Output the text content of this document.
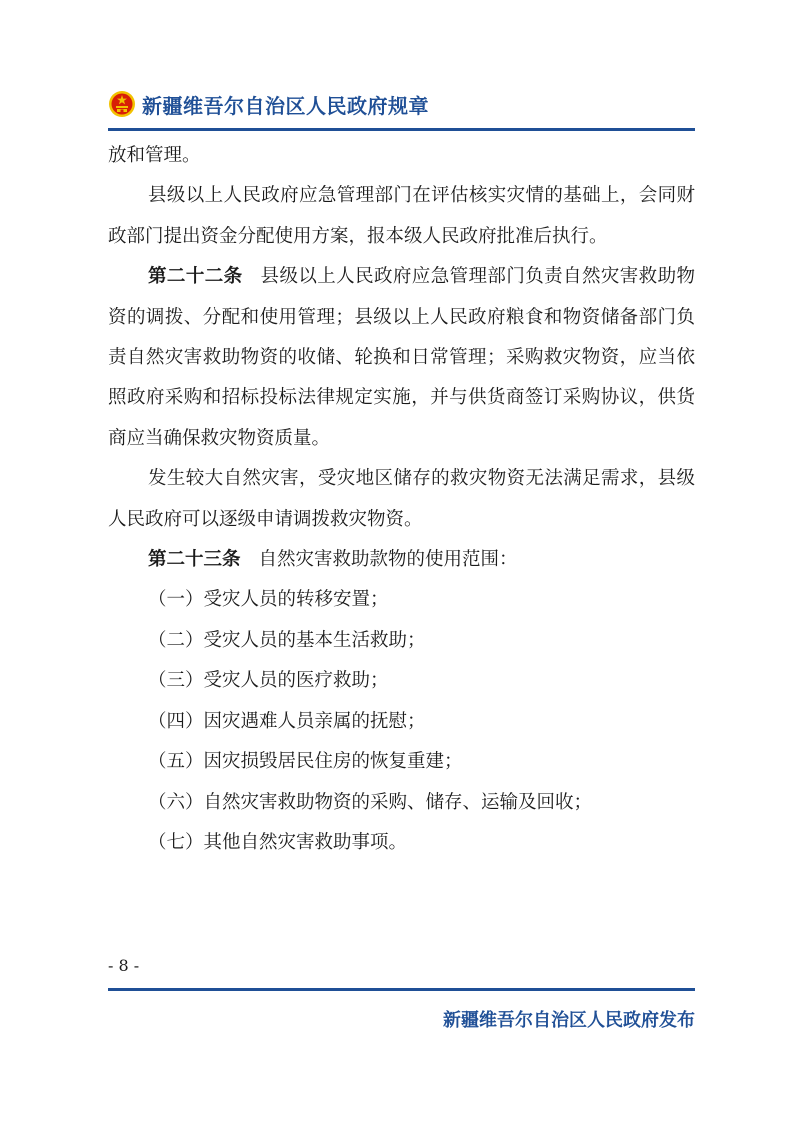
新疆维吾尔自治区人民政府规章

放和管理。

县级以上人民政府应急管理部门在评估核实灾情的基础上，会同财政部门提出资金分配使用方案，报本级人民政府批准后执行。

第二十二条 县级以上人民政府应急管理部门负责自然灾害救助物资的调拨、分配和使用管理；县级以上人民政府粮食和物资储备部门负责自然灾害救助物资的收储、轮换和日常管理；采购救灾物资，应当依照政府采购和招标投标法律规定实施，并与供货商签订采购协议，供货商应当确保救灾物资质量。

发生较大自然灾害，受灾地区储存的救灾物资无法满足需求，县级人民政府可以逐级申请调拨救灾物资。

第二十三条 自然灾害救助款物的使用范围：

（一）受灾人员的转移安置；

（二）受灾人员的基本生活救助；

（三）受灾人员的医疗救助；

（四）因灾遇难人员亲属的抚慰；

（五）因灾损毁居民住房的恢复重建；

（六）自然灾害救助物资的采购、储存、运输及回收；

（七）其他自然灾害救助事项。

- 8 -
新疆维吾尔自治区人民政府发布
